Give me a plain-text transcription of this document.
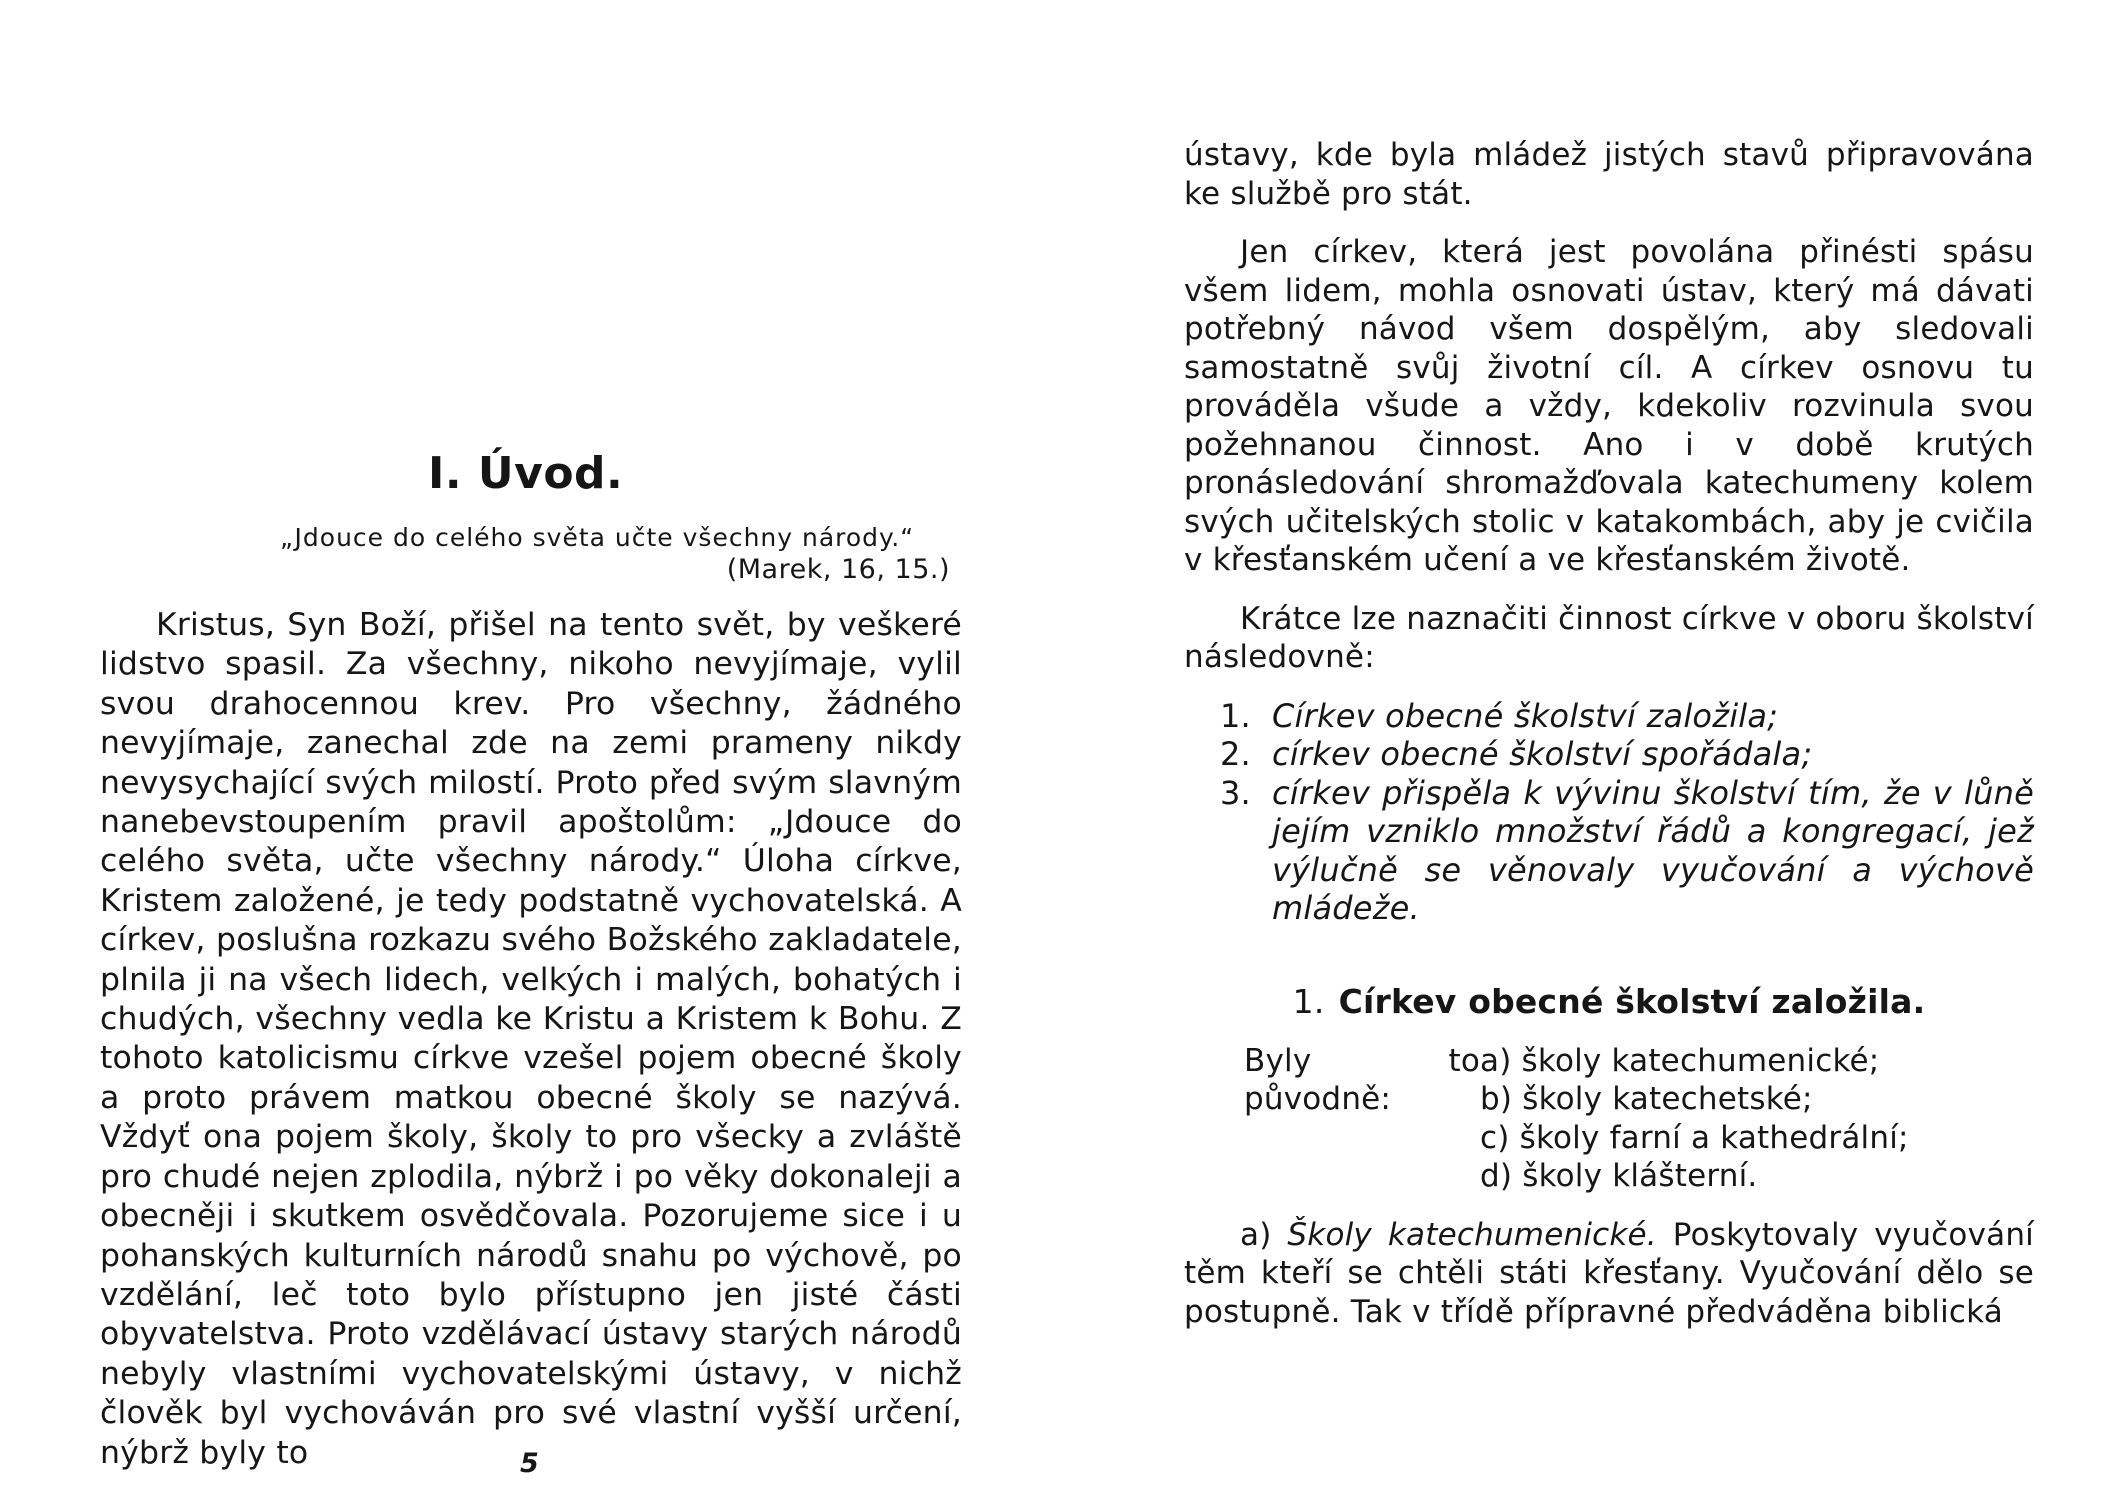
I. Úvod.
„Jdouce do celého světa učte všechny národy.“
(Marek, 16, 15.)

Kristus, Syn Boží, přišel na tento svět, by veškeré lidstvo spasil. Za všechny, nikoho nevyjímaje, vylil svou drahocennou krev. Pro všechny, žádného nevyjímaje, zanechal zde na zemi prameny nikdy nevysychající svých milostí. Proto před svým slavným nanebevstoupením pravil apoštolům: „Jdouce do celého světa, učte všechny národy.“ Úloha církve, Kristem založené, je tedy podstatně vychovatelská. A církev, poslušna rozkazu svého Božského zakladatele, plnila ji na všech lidech, velkých i malých, bohatých i chudých, všechny vedla ke Kristu a Kristem k Bohu. Z tohoto katolicismu církve vzešel pojem obecné školy a proto právem matkou obecné školy se nazývá. Vždyť ona pojem školy, školy to pro všecky a zvláště pro chudé nejen zplodila, nýbrž i po věky dokonaleji a obecněji i skutkem osvědčovala. Pozorujeme sice i u pohanských kulturních národů snahu po výchově, po vzdělání, leč toto bylo přístupno jen jisté části obyvatelstva. Proto vzdělávací ústavy starých národů nebyly vlastními vychovatelskými ústavy, v nichž člověk byl vychováván pro své vlastní vyšší určení, nýbrž byly to	5

ústavy, kde byla mládež jistých stavů připravována ke službě pro stát.

Jen církev, která jest povolána přinésti spásu všem lidem, mohla osnovati ústav, který má dávati potřebný návod všem dospělým, aby sledovali samostatně svůj životní cíl. A církev osnovu tu prováděla všude a vždy, kdekoliv rozvinula svou požehnanou činnost. Ano i v době krutých pronásledování shromažďovala katechumeny kolem svých učitelských stolic v katakombách, aby je cvičila v křesťanském učení a ve křesťanském životě.

Krátce lze naznačiti činnost církve v oboru školství následovně:

1. Církev obecné školství založila;
2. církev obecné školství spořádala;
3. církev přispěla k vývinu školství tím, že v lůně jejím vzniklo množství řádů a kongregací, jež výlučně se věnovaly vyučování a výchově mládeže.
1. Církev obecné školství založila.
Byly to původně:
a) školy katechumenické;
b) školy katechetské;
c) školy farní a kathedrální;
d) školy klášterní.

a) Školy katechumenické. Poskytovaly vyučování těm kteří se chtěli státi křesťany. Vyučování dělo se postupně. Tak v třídě přípravné předváděna biblická
